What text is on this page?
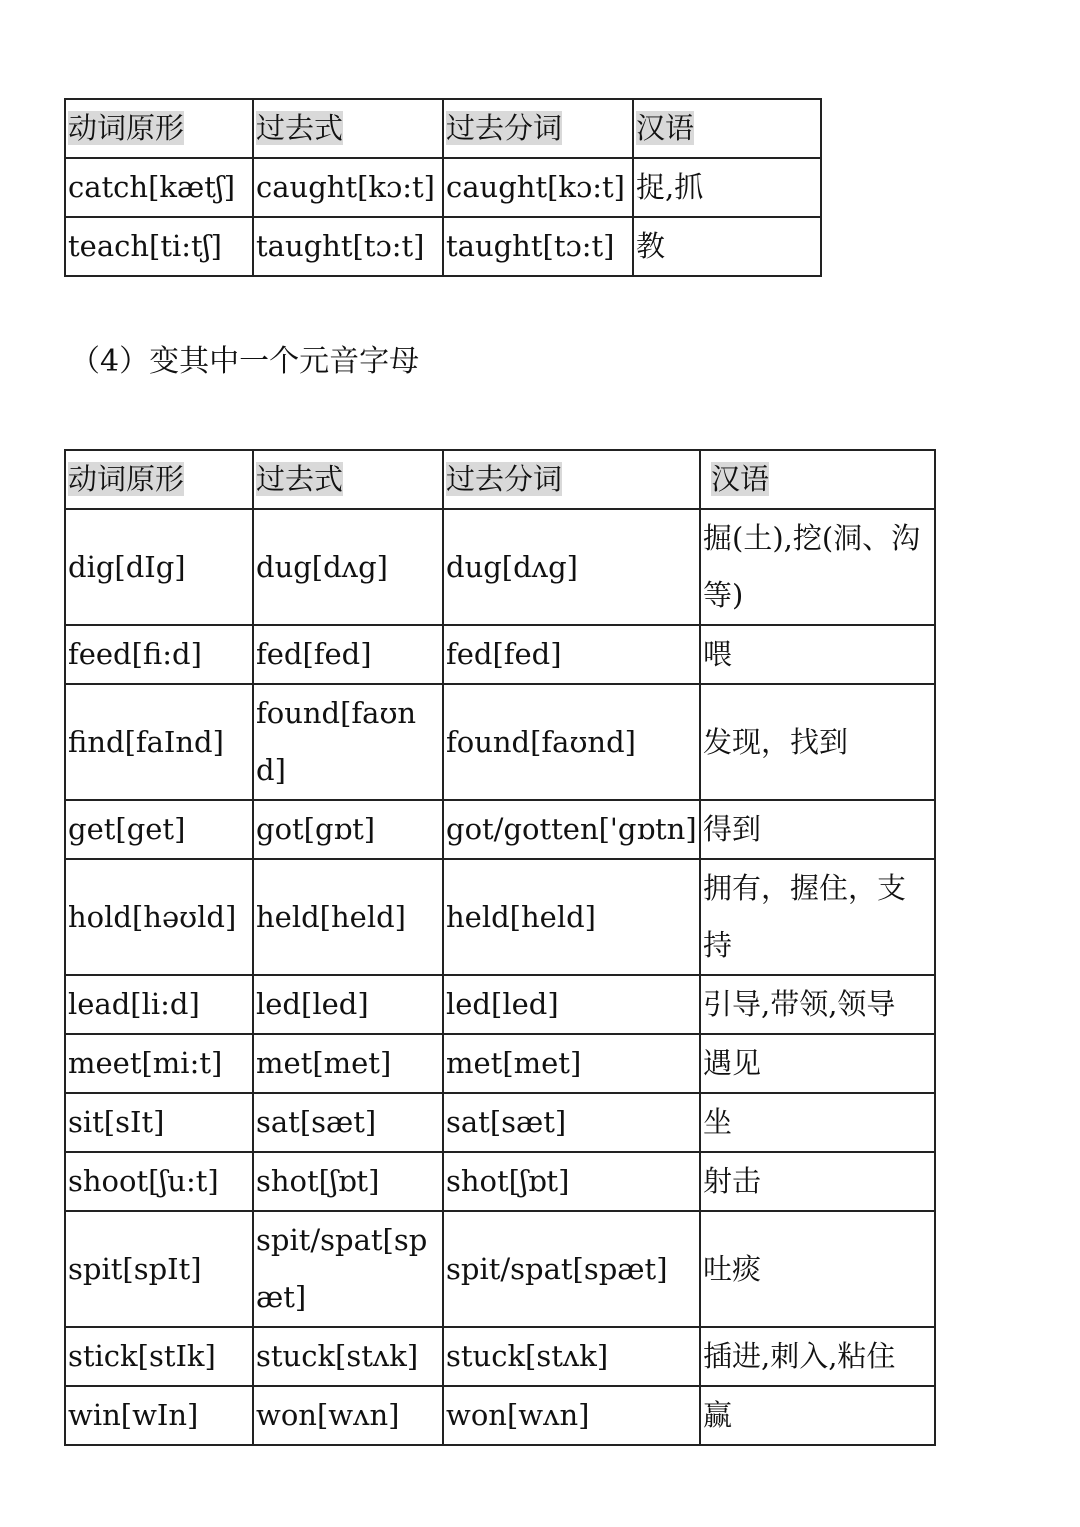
动词原形	过去式	过去分词	汉语
catch[kætʃ]	caught[kɔ:t]	caught[kɔ:t]	捉,抓
teach[ti:tʃ]	taught[tɔ:t]	taught[tɔ:t]	教
（4）变其中一个元音字母
动词原形	过去式	过去分词	汉语
dig[dIg]	dug[dʌg]	dug[dʌg]	掘(土),挖(洞、沟等)
feed[fi:d]	fed[fed]	fed[fed]	喂
find[faInd]	found[faʊnd]	found[faʊnd]	发现，找到
get[get]	got[gɒt]	got/gotten['gɒtn]	得到
hold[həʊld]	held[held]	held[held]	拥有，握住，支持
lead[li:d]	led[led]	led[led]	引导,带领,领导
meet[mi:t]	met[met]	met[met]	遇见
sit[sIt]	sat[sæt]	sat[sæt]	坐
shoot[ʃu:t]	shot[ʃɒt]	shot[ʃɒt]	射击
spit[spIt]	spit/spat[spæt]	spit/spat[spæt]	吐痰
stick[stIk]	stuck[stʌk]	stuck[stʌk]	插进,刺入,粘住
win[wIn]	won[wʌn]	won[wʌn]	赢
